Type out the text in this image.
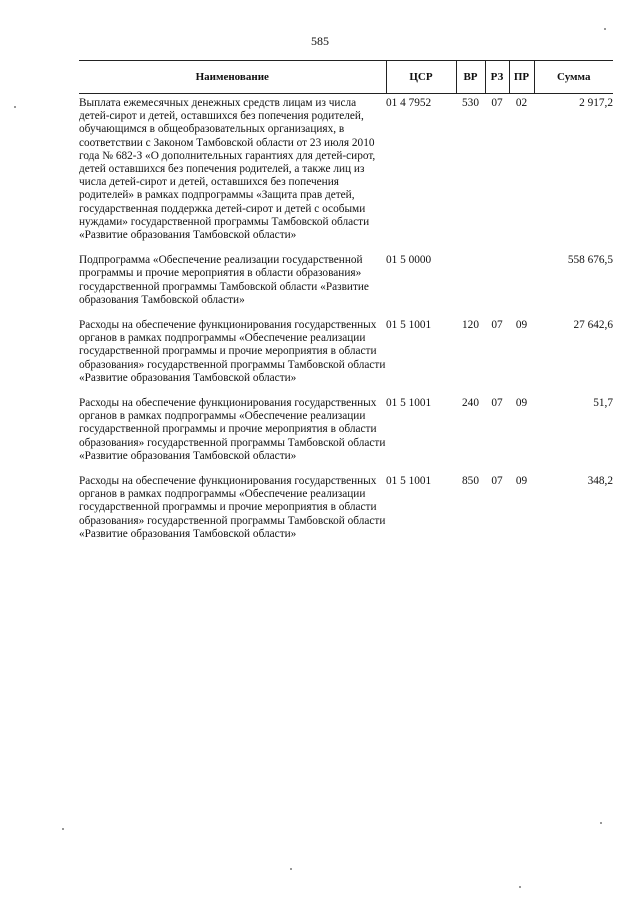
585
Наименование	ЦСР	ВР	РЗ	ПР	Сумма
Выплата ежемесячных денежных средств лицам из числа детей-сирот и детей, оставшихся без попечения родителей, обучающимся в общеобразовательных организациях, в соответствии с Законом Тамбовской области от 23 июля 2010 года № 682-З «О дополнительных гарантиях для детей-сирот, детей оставшихся без попечения родителей, а также лиц из числа детей-сирот и детей, оставшихся без попечения родителей» в рамках подпрограммы «Защита прав детей, государственная поддержка детей-сирот и детей с особыми нуждами» государственной программы Тамбовской области «Развитие образования Тамбовской области»	01 4 7952	530	07	02	2 917,2
Подпрограмма «Обеспечение реализации государственной программы и прочие мероприятия в области образования» государственной программы Тамбовской области «Развитие образования Тамбовской области»	01 5 0000				558 676,5
Расходы на обеспечение функционирования государственных органов в рамках подпрограммы «Обеспечение реализации государственной программы и прочие мероприятия в области образования» государственной программы Тамбовской области «Развитие образования Тамбовской области»	01 5 1001	120	07	09	27 642,6
Расходы на обеспечение функционирования государственных органов в рамках подпрограммы «Обеспечение реализации государственной программы и прочие мероприятия в области образования» государственной программы Тамбовской области «Развитие образования Тамбовской области»	01 5 1001	240	07	09	51,7
Расходы на обеспечение функционирования государственных органов в рамках подпрограммы «Обеспечение реализации государственной программы и прочие мероприятия в области образования» государственной программы Тамбовской области «Развитие образования Тамбовской области»	01 5 1001	850	07	09	348,2
